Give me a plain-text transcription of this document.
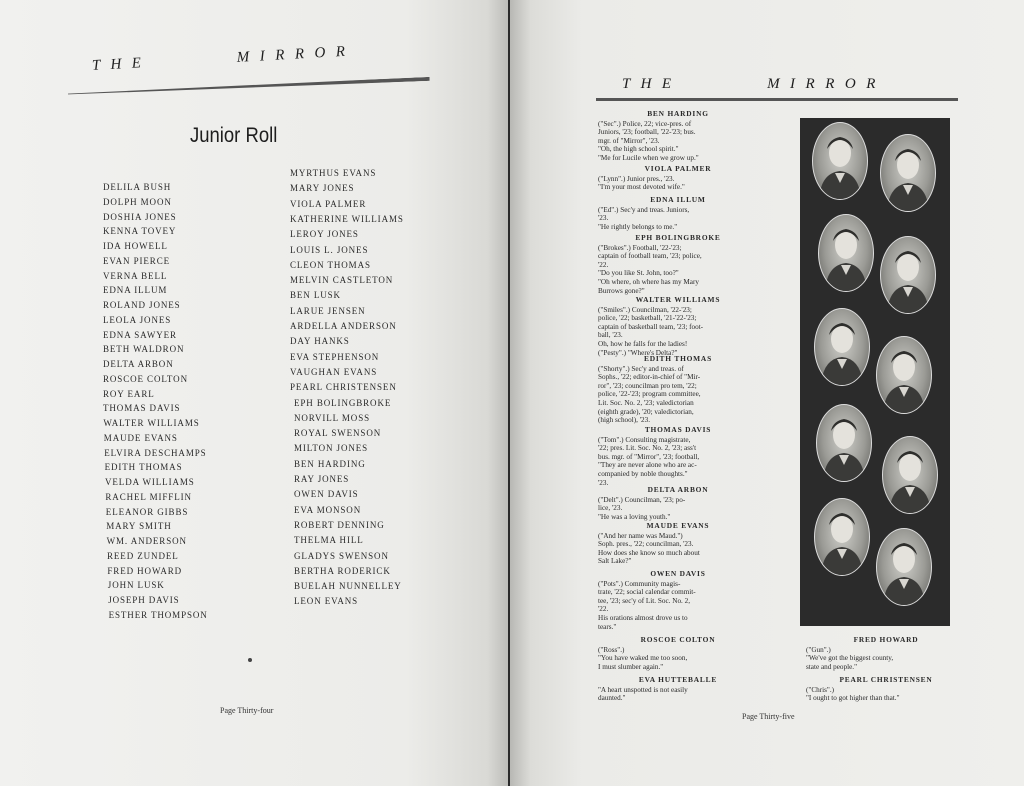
T  H  E                    M  I  R  R  O  R
Junior Roll
DELILA BUSH
DOLPH MOON
DOSHIA JONES
KENNA TOVEY
IDA HOWELL
EVAN PIERCE
VERNA BELL
EDNA ILLUM
ROLAND JONES
LEOLA JONES
EDNA SAWYER
BETH WALDRON
DELTA ARBON
ROSCOE COLTON
ROY EARL
THOMAS DAVIS
WALTER WILLIAMS
MAUDE EVANS
ELVIRA DESCHAMPS
EDITH THOMAS
VELDA WILLIAMS
RACHEL MIFFLIN
ELEANOR GIBBS
MARY SMITH
WM. ANDERSON
REED ZUNDEL
FRED HOWARD
JOHN LUSK
JOSEPH DAVIS
ESTHER THOMPSON
MYRTHUS EVANS
MARY JONES
VIOLA PALMER
KATHERINE WILLIAMS
LEROY JONES
LOUIS L. JONES
CLEON THOMAS
MELVIN CASTLETON
BEN LUSK
LARUE JENSEN
ARDELLA ANDERSON
DAY HANKS
EVA STEPHENSON
VAUGHAN EVANS
PEARL CHRISTENSEN
EPH BOLINGBROKE
NORVILL MOSS
ROYAL SWENSON
MILTON JONES
BEN HARDING
RAY JONES
OWEN DAVIS
EVA MONSON
ROBERT DENNING
THELMA HILL
GLADYS SWENSON
BERTHA RODERICK
BUELAH NUNNELLEY
LEON EVANS
Page Thirty-four
T  H  E                    M  I  R  R  O  R
BEN HARDING
("Sec".) Police, 22; vice-pres. of
Juniors, '23; football, '22-'23; bus.
mgr. of "Mirror", '23.
"Oh, the high school spirit."
"Me for Lucile when we grow up."
VIOLA PALMER
("Lynn".) Junior pres., '23.
"I'm your most devoted wife."
EDNA ILLUM
("Ed".) Sec'y and treas. Juniors,
'23.
"He rightly belongs to me."
EPH BOLINGBROKE
("Brokes".) Football, '22-'23;
captain of football team, '23; police,
'22.
"Do you like St. John, too?"
"Oh where, oh where has my Mary
Burrows gone?"
WALTER WILLIAMS
("Smiles".) Councilman, '22-'23;
police, '22; basketball, '21-'22-'23;
captain of basketball team, '23; foot-
ball, '23.
Oh, how he falls for the ladies!
("Pesty".) "Where's Delta?"
EDITH THOMAS
("Shorty".) Sec'y and treas. of
Sophs., '22; editor-in-chief of "Mir-
ror", '23; councilman pro tem, '22;
police, '22-'23; program committee,
Lit. Soc. No. 2, '23; valedictorian
(eighth grade), '20; valedictorian,
(high school), '23.
THOMAS DAVIS
("Tom".) Consulting magistrate,
'22; pres. Lit. Soc. No. 2, '23; ass't
bus. mgr. of "Mirror", '23; football,
"They are never alone who are ac-
companied by noble thoughts."
'23.
DELTA ARBON
("Delt".) Councilman, '23; po-
lice, '23.
"He was a loving youth."
MAUDE EVANS
("And her name was Maud.")
Soph. pres., '22; councilman, '23.
How does she know so much about
Salt Lake?"
OWEN DAVIS
("Pots".) Community magis-
trate, '22; social calendar commit-
tee, '23; sec'y of Lit. Soc. No. 2,
'22.
His orations almost drove us to
tears."
ROSCOE COLTON
("Ross".)
"You have waked me too soon,
I must slumber again."
EVA HUTTEBALLE
"A heart unspotted is not easily
daunted."
FRED HOWARD
("Gun".)
"We've got the biggest county,
state and people."
PEARL CHRISTENSEN
("Chris".)
"I ought to got higher than that."
Page Thirty-five
